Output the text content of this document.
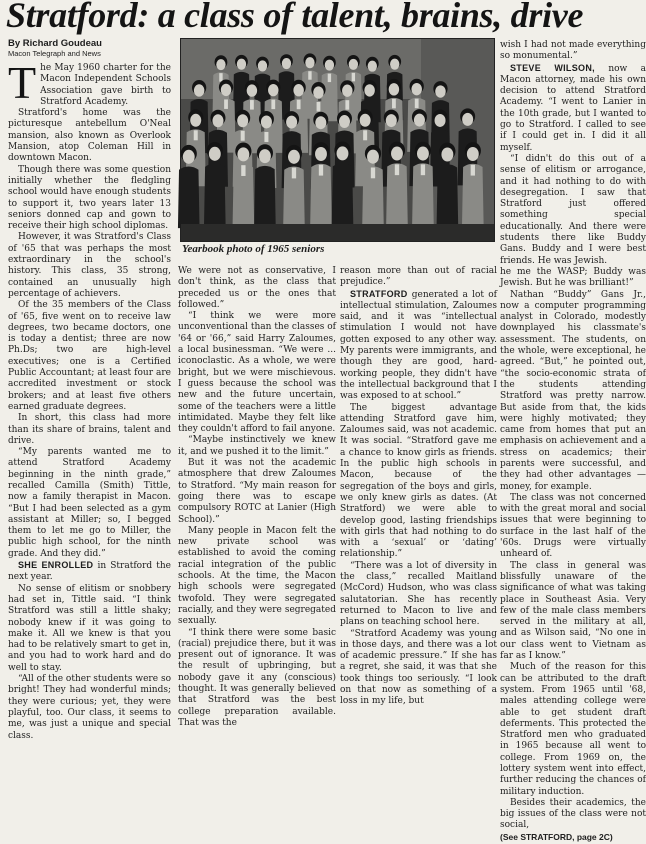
Stratford: a class of talent, brains, drive

By Richard Goudeau

Macon Telegraph and News

The May 1960 charter for the Macon Independent Schools Association gave birth to Stratford Academy.

Stratford's home was the picturesque antebellum O'Neal mansion, also known as Overlook Mansion, atop Coleman Hill in downtown Macon.

Though there was some question initially whether the fledgling school would have enough students to support it, two years later 13 seniors donned cap and gown to receive their high school diplomas.

However, it was Stratford's Class of '65 that was perhaps the most extraordinary in the school's history. This class, 35 strong, contained an unusually high percentage of achievers.

Of the 35 members of the Class of '65, five went on to receive law degrees, two became doctors, one is today a dentist; three are now Ph.Ds; two are high-level executives; one is a Certified Public Accountant; at least four are accredited investment or stock brokers; and at least five others earned graduate degrees.

In short, this class had more than its share of brains, talent and drive.

“My parents wanted me to attend Stratford Academy beginning in the ninth grade,” recalled Camilla (Smith) Tittle, now a family therapist in Macon. “But I had been selected as a gym assistant at Miller; so, I begged them to let me go to Miller, the public high school, for the ninth grade. And they did.”

SHE ENROLLED in Stratford the next year.

No sense of elitism or snobbery had set in, Tittle said. “I think Stratford was still a little shaky; nobody knew if it was going to make it. All we knew is that you had to be relatively smart to get in, and you had to work hard and do well to stay.

“All of the other students were so bright! They had wonderful minds; they were curious; yet, they were playful, too. Our class, it seems to me, was just a unique and special class.

Yearbook photo of 1965 seniors

We were not as conservative, I don't think, as the class that preceded us or the ones that followed.”

“I think we were more unconventional than the classes of '64 or '66,” said Harry Zaloumes, a local businessman. “We were ... iconoclastic. As a whole, we were bright, but we were mischievous. I guess because the school was new and the future uncertain, some of the teachers were a little intimidated. Maybe they felt like they couldn't afford to fail anyone.

“Maybe instinctively we knew it, and we pushed it to the limit.”

But it was not the academic atmosphere that drew Zaloumes to Stratford. “My main reason for going there was to escape compulsory ROTC at Lanier (High School).”

Many people in Macon felt the new private school was established to avoid the coming racial integration of the public schools. At the time, the Macon high schools were segregated twofold. They were segregated racially, and they were segregated sexually.

“I think there were some basic (racial) prejudice there, but it was present out of ignorance. It was the result of upbringing, but nobody gave it any (conscious) thought. It was generally believed that Stratford was the best college preparation available. That was the

reason more than out of racial prejudice.”

STRATFORD generated a lot of intellectual stimulation, Zaloumes said, and it was “intellectual stimulation I would not have gotten exposed to any other way. My parents were immigrants, and though they are good, hard-working people, they didn't have the intellectual background that I was exposed to at school.”

The biggest advantage attending Stratford gave him, Zaloumes said, was not academic. It was social. “Stratford gave me a chance to know girls as friends. In the public high schools in Macon, because of the segregation of the boys and girls, we only knew girls as dates. (At Stratford) we were able to develop good, lasting friendships with girls that had nothing to do with a ‘sexual’ or ‘dating’ relationship.”

“There was a lot of diversity in the class,” recalled Maitland (McCord) Hudson, who was class salutatorian. She has recently returned to Macon to live and plans on teaching school here.

“Stratford Academy was young in those days, and there was a lot of academic pressure.” If she has a regret, she said, it was that she took things too seriously. “I look on that now as something of a loss in my life, but

wish I had not made everything so monumental.”

STEVE WILSON, now a Macon attorney, made his own decision to attend Stratford Academy. “I went to Lanier in the 10th grade, but I wanted to go to Stratford. I called to see if I could get in. I did it all myself.

“I didn't do this out of a sense of elitism or arrogance, and it had nothing to do with desegregation. I saw that Stratford just offered something special educationally. And there were students there like Buddy Gans. Buddy and I were best friends. He was Jewish.

he me the WASP; Buddy was Jewish. But he was brilliant!”

Nathan “Buddy” Gans Jr., now a computer programming analyst in Colorado, modestly downplayed his classmate's assessment. The students, on the whole, were exceptional, he agreed. “But,” he pointed out, “the socio-economic strata of the students attending Stratford was pretty narrow. But aside from that, the kids were highly motivated; they came from homes that put an emphasis on achievement and a stress on academics; their parents were successful, and they had other advantages — money, for example.

The class was not concerned with the great moral and social issues that were beginning to surface in the last half of the '60s. Drugs were virtually unheard of.

The class in general was blissfully unaware of the significance of what was taking place in Southeast Asia. Very few of the male class members served in the military at all, and as Wilson said, “No one in our class went to Vietnam as far as I know.”

Much of the reason for this can be attributed to the draft system. From 1965 until '68, males attending college were able to get student draft deferments. This protected the Stratford men who graduated in 1965 because all went to college. From 1969 on, the lottery system went into effect, further reducing the chances of military induction.

Besides their academics, the big issues of the class were not social,

(See STRATFORD, page 2C)
